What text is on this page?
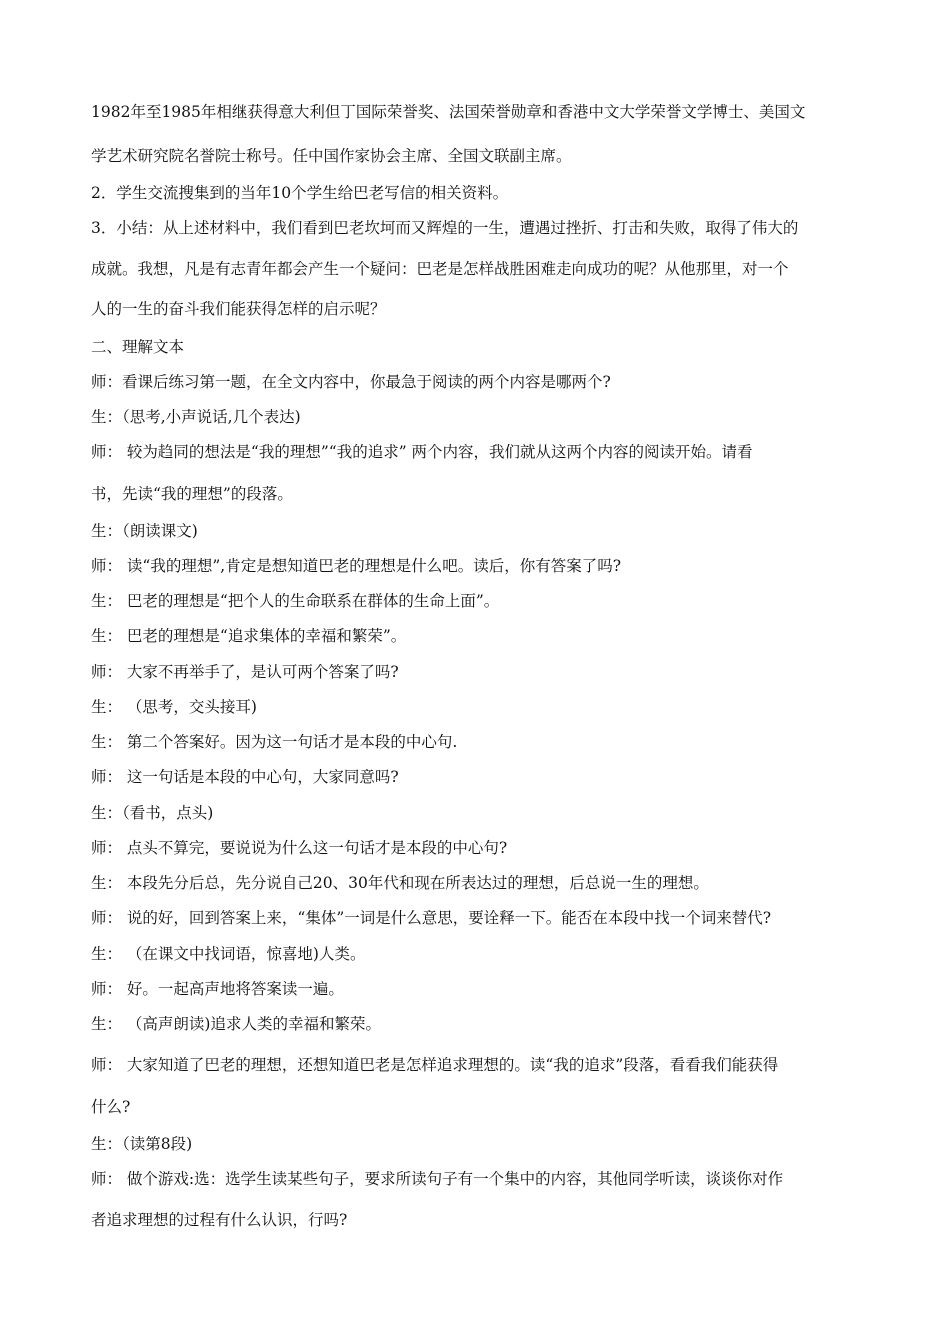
1982年至1985年相继获得意大利但丁国际荣誉奖、法国荣誉勋章和香港中文大学荣誉文学博士、美国文
学艺术研究院名誉院士称号。任中国作家协会主席、全国文联副主席。
2．学生交流搜集到的当年10个学生给巴老写信的相关资料。
3．小结：从上述材料中，我们看到巴老坎坷而又辉煌的一生，遭遇过挫折、打击和失败，取得了伟大的
成就。我想，凡是有志青年都会产生一个疑问：巴老是怎样战胜困难走向成功的呢？从他那里，对一个
人的一生的奋斗我们能获得怎样的启示呢？
二、理解文本
师：看课后练习第一题，在全文内容中，你最急于阅读的两个内容是哪两个?
生：（思考,小声说话,几个表达)
师： 较为趋同的想法是“我的理想”“我的追求” 两个内容，我们就从这两个内容的阅读开始。请看
书，先读“我的理想”的段落。
生：（朗读课文)
师： 读“我的理想”,肯定是想知道巴老的理想是什么吧。读后，你有答案了吗?
生： 巴老的理想是“把个人的生命联系在群体的生命上面”。
生： 巴老的理想是“追求集体的幸福和繁荣”。
师： 大家不再举手了，是认可两个答案了吗?
生： （思考，交头接耳)
生： 第二个答案好。因为这一句话才是本段的中心句.
师： 这一句话是本段的中心句，大家同意吗?
生：（看书，点头)
师： 点头不算完，要说说为什么这一句话才是本段的中心句?
生： 本段先分后总，先分说自己20、30年代和现在所表达过的理想，后总说一生的理想。
师： 说的好，回到答案上来，“集体”一词是什么意思，要诠释一下。能否在本段中找一个词来替代?
生： （在课文中找词语，惊喜地)人类。
师： 好。一起高声地将答案读一遍。
生： （高声朗读)追求人类的幸福和繁荣。
师： 大家知道了巴老的理想，还想知道巴老是怎样追求理想的。读“我的追求”段落，看看我们能获得
什么?
生：（读第8段)
师： 做个游戏:选：选学生读某些句子，要求所读句子有一个集中的内容，其他同学听读，谈谈你对作
者追求理想的过程有什么认识，行吗?
